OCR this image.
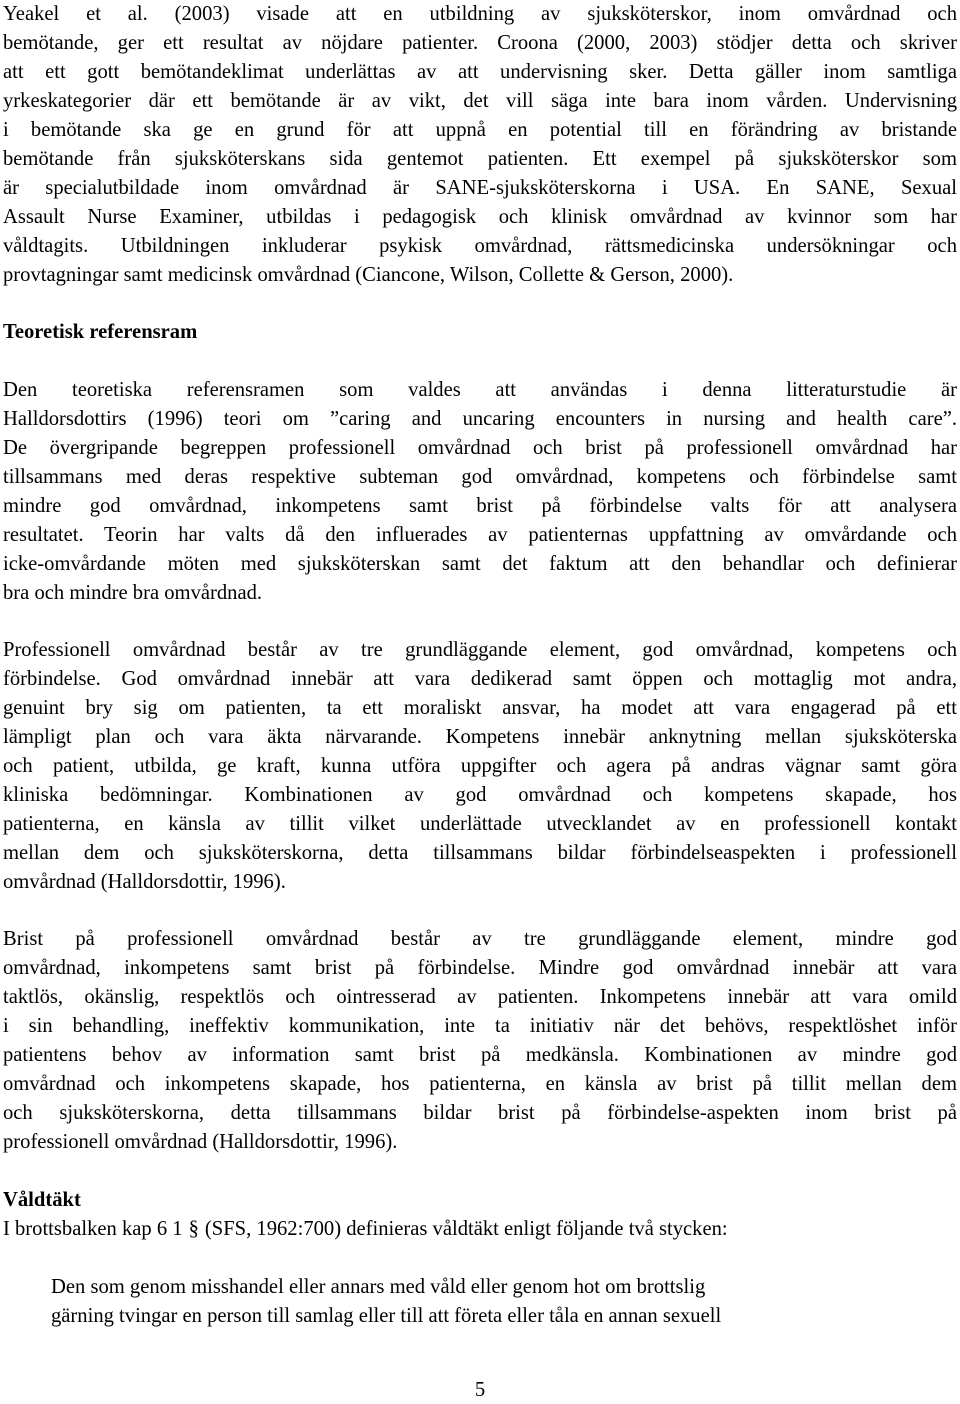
Yeakel et al. (2003) visade att en utbildning av sjuksköterskor, inom omvårdnad och
bemötande, ger ett resultat av nöjdare patienter. Croona (2000, 2003) stödjer detta och skriver
att ett gott bemötandeklimat underlättas av att undervisning sker. Detta gäller inom samtliga
yrkeskategorier där ett bemötande är av vikt, det vill säga inte bara inom vården. Undervisning
i bemötande ska ge en grund för att uppnå en potential till en förändring av bristande
bemötande från sjuksköterskans sida gentemot patienten. Ett exempel på sjuksköterskor som
är specialutbildade inom omvårdnad är SANE-sjuksköterskorna i USA. En SANE, Sexual
Assault Nurse Examiner, utbildas i pedagogisk och klinisk omvårdnad av kvinnor som har
våldtagits. Utbildningen inkluderar psykisk omvårdnad, rättsmedicinska undersökningar och
provtagningar samt medicinsk omvårdnad (Ciancone, Wilson, Collette & Gerson, 2000).
Teoretisk referensram
Den teoretiska referensramen som valdes att användas i denna litteraturstudie är
Halldorsdottirs (1996) teori om ”caring and uncaring encounters in nursing and health care”.
De övergripande begreppen professionell omvårdnad och brist på professionell omvårdnad har
tillsammans med deras respektive subteman god omvårdnad, kompetens och förbindelse samt
mindre god omvårdnad, inkompetens samt brist på förbindelse valts för att analysera
resultatet. Teorin har valts då den influerades av patienternas uppfattning av omvårdande och
icke-omvårdande möten med sjuksköterskan samt det faktum att den behandlar och definierar
bra och mindre bra omvårdnad.
Professionell omvårdnad består av tre grundläggande element, god omvårdnad, kompetens och
förbindelse. God omvårdnad innebär att vara dedikerad samt öppen och mottaglig mot andra,
genuint bry sig om patienten, ta ett moraliskt ansvar, ha modet att vara engagerad på ett
lämpligt plan och vara äkta närvarande. Kompetens innebär anknytning mellan sjuksköterska
och patient, utbilda, ge kraft, kunna utföra uppgifter och agera på andras vägnar samt göra
kliniska bedömningar. Kombinationen av god omvårdnad och kompetens skapade, hos
patienterna, en känsla av tillit vilket underlättade utvecklandet av en professionell kontakt
mellan dem och sjuksköterskorna, detta tillsammans bildar förbindelseaspekten i professionell
omvårdnad (Halldorsdottir, 1996).
Brist på professionell omvårdnad består av tre grundläggande element, mindre god
omvårdnad, inkompetens samt brist på förbindelse. Mindre god omvårdnad innebär att vara
taktlös, okänslig, respektlös och ointresserad av patienten. Inkompetens innebär att vara omild
i sin behandling, ineffektiv kommunikation, inte ta initiativ när det behövs, respektlöshet inför
patientens behov av information samt brist på medkänsla. Kombinationen av mindre god
omvårdnad och inkompetens skapade, hos patienterna, en känsla av brist på tillit mellan dem
och sjuksköterskorna, detta tillsammans bildar brist på förbindelse-aspekten inom brist på
professionell omvårdnad (Halldorsdottir, 1996).
Våldtäkt

I brottsbalken kap 6 1 § (SFS, 1962:700) definieras våldtäkt enligt följande två stycken:

Den som genom misshandel eller annars med våld eller genom hot om brottslig
gärning tvingar en person till samlag eller till att företa eller tåla en annan sexuell
5
